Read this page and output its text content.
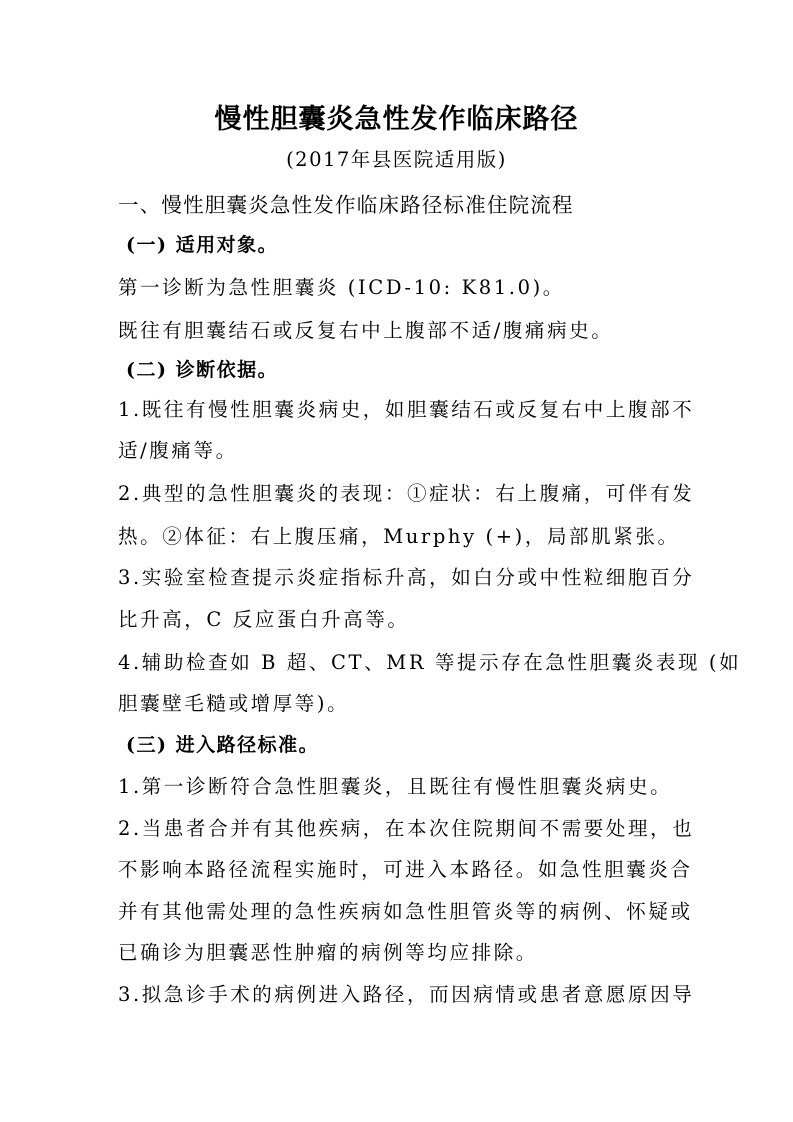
慢性胆囊炎急性发作临床路径
(2017年县医院适用版)
一、慢性胆囊炎急性发作临床路径标准住院流程
(一) 适用对象。
第一诊断为急性胆囊炎 (ICD-10: K81.0)。
既往有胆囊结石或反复右中上腹部不适/腹痛病史。
(二) 诊断依据。
1.既往有慢性胆囊炎病史，如胆囊结石或反复右中上腹部不
适/腹痛等。
2.典型的急性胆囊炎的表现：①症状：右上腹痛，可伴有发
热。②体征：右上腹压痛，Murphy (+)，局部肌紧张。
3.实验室检查提示炎症指标升高，如白分或中性粒细胞百分
比升高，C 反应蛋白升高等。
4.辅助检查如 B 超、CT、MR 等提示存在急性胆囊炎表现 (如
胆囊壁毛糙或增厚等)。
(三) 进入路径标准。
1.第一诊断符合急性胆囊炎，且既往有慢性胆囊炎病史。
2.当患者合并有其他疾病，在本次住院期间不需要处理，也
不影响本路径流程实施时，可进入本路径。如急性胆囊炎合
并有其他需处理的急性疾病如急性胆管炎等的病例、怀疑或
已确诊为胆囊恶性肿瘤的病例等均应排除。
3.拟急诊手术的病例进入路径，而因病情或患者意愿原因导
